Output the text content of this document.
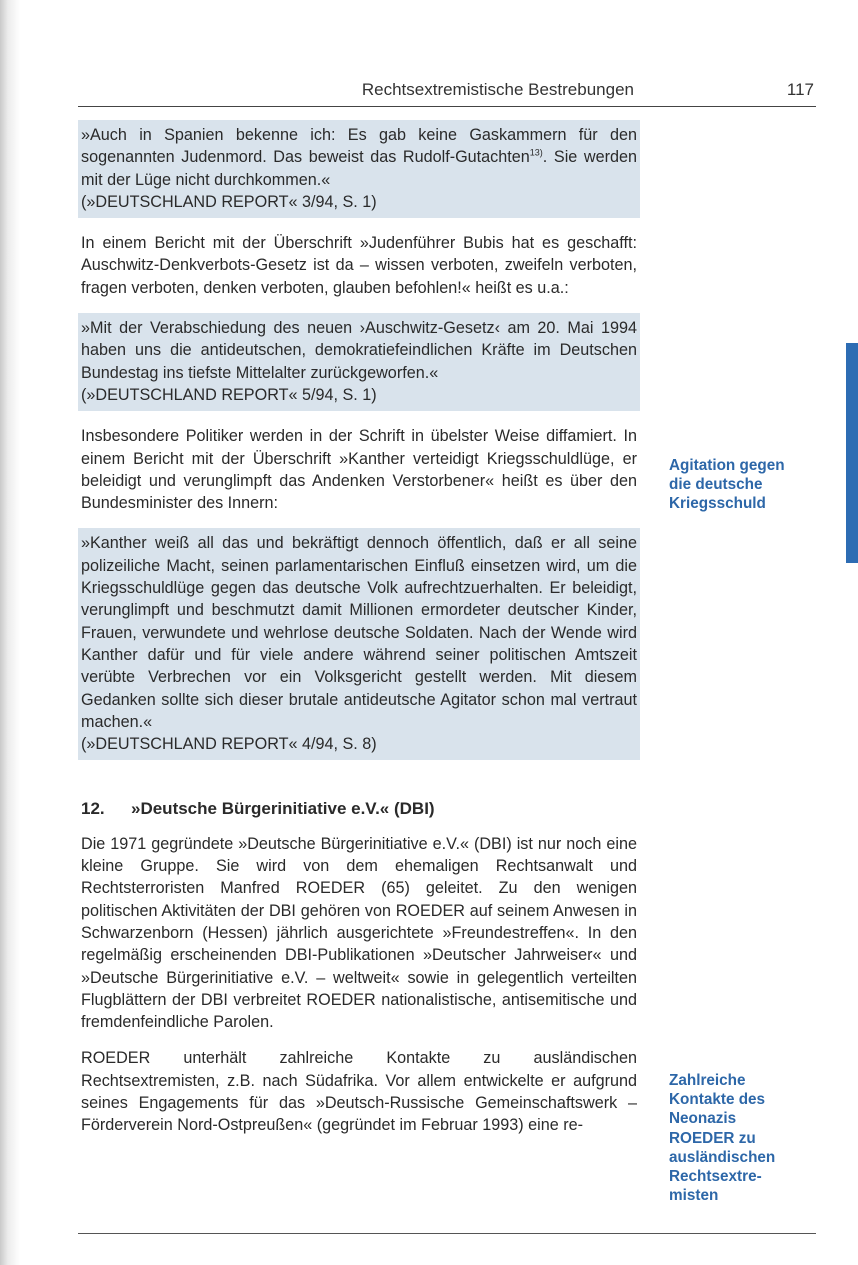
Rechtsextremistische Bestrebungen	117
»Auch in Spanien bekenne ich: Es gab keine Gaskammern für den sogenannten Judenmord. Das beweist das Rudolf-Gutachten$^{13)}$. Sie werden mit der Lüge nicht durchkommen.«
(»DEUTSCHLAND REPORT« 3/94, S. 1)

In einem Bericht mit der Überschrift »Judenführer Bubis hat es geschafft: Auschwitz-Denkverbots-Gesetz ist da – wissen verboten, zweifeln verboten, fragen verboten, denken verboten, glauben befohlen!« heißt es u.a.:

»Mit der Verabschiedung des neuen ›Auschwitz-Gesetz‹ am 20. Mai 1994 haben uns die antideutschen, demokratiefeindlichen Kräfte im Deutschen Bundestag ins tiefste Mittelalter zurückgeworfen.«
(»DEUTSCHLAND REPORT« 5/94, S. 1)

Insbesondere Politiker werden in der Schrift in übelster Weise diffamiert. In einem Bericht mit der Überschrift »Kanther verteidigt Kriegsschuldlüge, er beleidigt und verunglimpft das Andenken Verstorbener« heißt es über den Bundesminister des Innern:

»Kanther weiß all das und bekräftigt dennoch öffentlich, daß er all seine polizeiliche Macht, seinen parlamentarischen Einfluß einsetzen wird, um die Kriegsschuldlüge gegen das deutsche Volk aufrechtzuerhalten. Er beleidigt, verunglimpft und beschmutzt damit Millionen ermordeter deutscher Kinder, Frauen, verwundete und wehrlose deutsche Soldaten. Nach der Wende wird Kanther dafür und für viele andere während seiner politischen Amtszeit verübte Verbrechen vor ein Volksgericht gestellt werden. Mit diesem Gedanken sollte sich dieser brutale antideutsche Agitator schon mal vertraut machen.«
(»DEUTSCHLAND REPORT« 4/94, S. 8)
12. »Deutsche Bürgerinitiative e.V.« (DBI)

Die 1971 gegründete »Deutsche Bürgerinitiative e.V.« (DBI) ist nur noch eine kleine Gruppe. Sie wird von dem ehemaligen Rechtsanwalt und Rechtsterroristen Manfred ROEDER (65) geleitet. Zu den wenigen politischen Aktivitäten der DBI gehören von ROEDER auf seinem Anwesen in Schwarzenborn (Hessen) jährlich ausgerichtete »Freundestreffen«. In den regelmäßig erscheinenden DBI-Publikationen »Deutscher Jahrweiser« und »Deutsche Bürgerinitiative e.V. – weltweit« sowie in gelegentlich verteilten Flugblättern der DBI verbreitet ROEDER nationalistische, antisemitische und fremdenfeindliche Parolen.

ROEDER unterhält zahlreiche Kontakte zu ausländischen Rechtsextremisten, z.B. nach Südafrika. Vor allem entwickelte er aufgrund seines Engagements für das »Deutsch-Russische Gemeinschaftswerk – Förderverein Nord-Ostpreußen« (gegründet im Februar 1993) eine re-

Agitation gegen
die deutsche
Kriegsschuld
Zahlreiche
Kontakte des
Neonazis
ROEDER zu
ausländischen
Rechtsextre-
misten
